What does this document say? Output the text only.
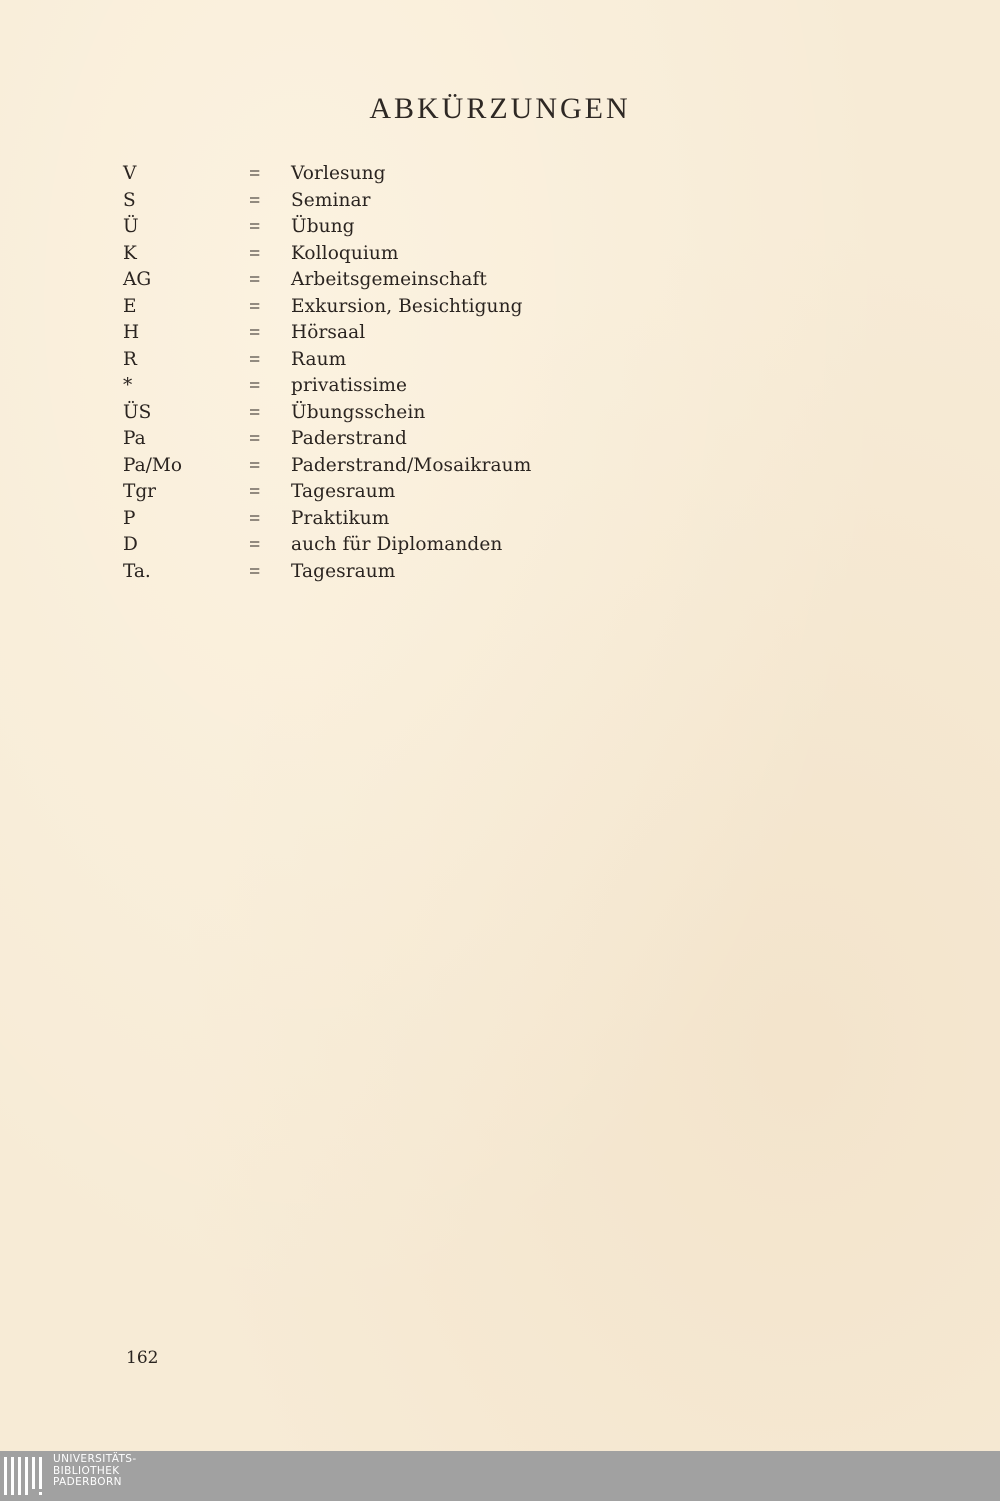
ABKÜRZUNGEN
V	=	Vorlesung
S	=	Seminar
Ü	=	Übung
K	=	Kolloquium
AG	=	Arbeitsgemeinschaft
E	=	Exkursion, Besichtigung
H	=	Hörsaal
R	=	Raum
*	=	privatissime
ÜS	=	Übungsschein
Pa	=	Paderstrand
Pa/Mo	=	Paderstrand/Mosaikraum
Tgr	=	Tagesraum
P	=	Praktikum
D	=	auch für Diplomanden
Ta.	=	Tagesraum
162
UNIVERSITÄTS-
BIBLIOTHEK
PADERBORN
